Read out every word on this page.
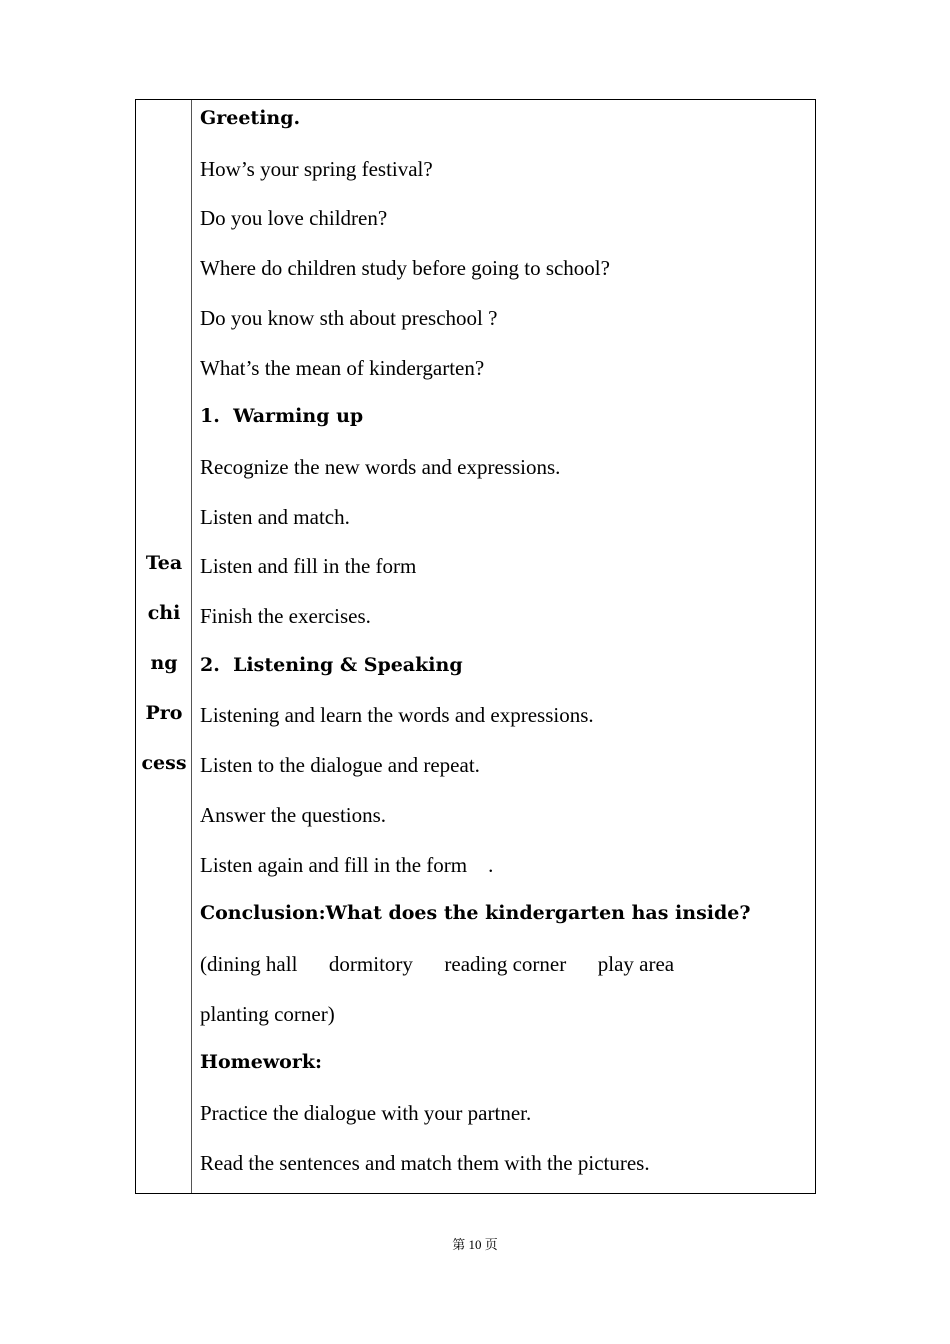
Tea
chi
ng
Pro
cess
Greeting.
How’s your spring festival?
Do you love children?
Where do children study before going to school?
Do you know sth about preschool ?
What’s the mean of kindergarten?
1.  Warming up
Recognize the new words and expressions.
Listen and match.
Listen and fill in the form
Finish the exercises.
2.  Listening & Speaking
Listening and learn the words and expressions.
Listen to the dialogue and repeat.
Answer the questions.
Listen again and fill in the form    .
Conclusion:What does the kindergarten has inside?
(dining hall      dormitory      reading corner      play area
planting corner)
Homework:
Practice the dialogue with your partner.
Read the sentences and match them with the pictures.
第 10 页
